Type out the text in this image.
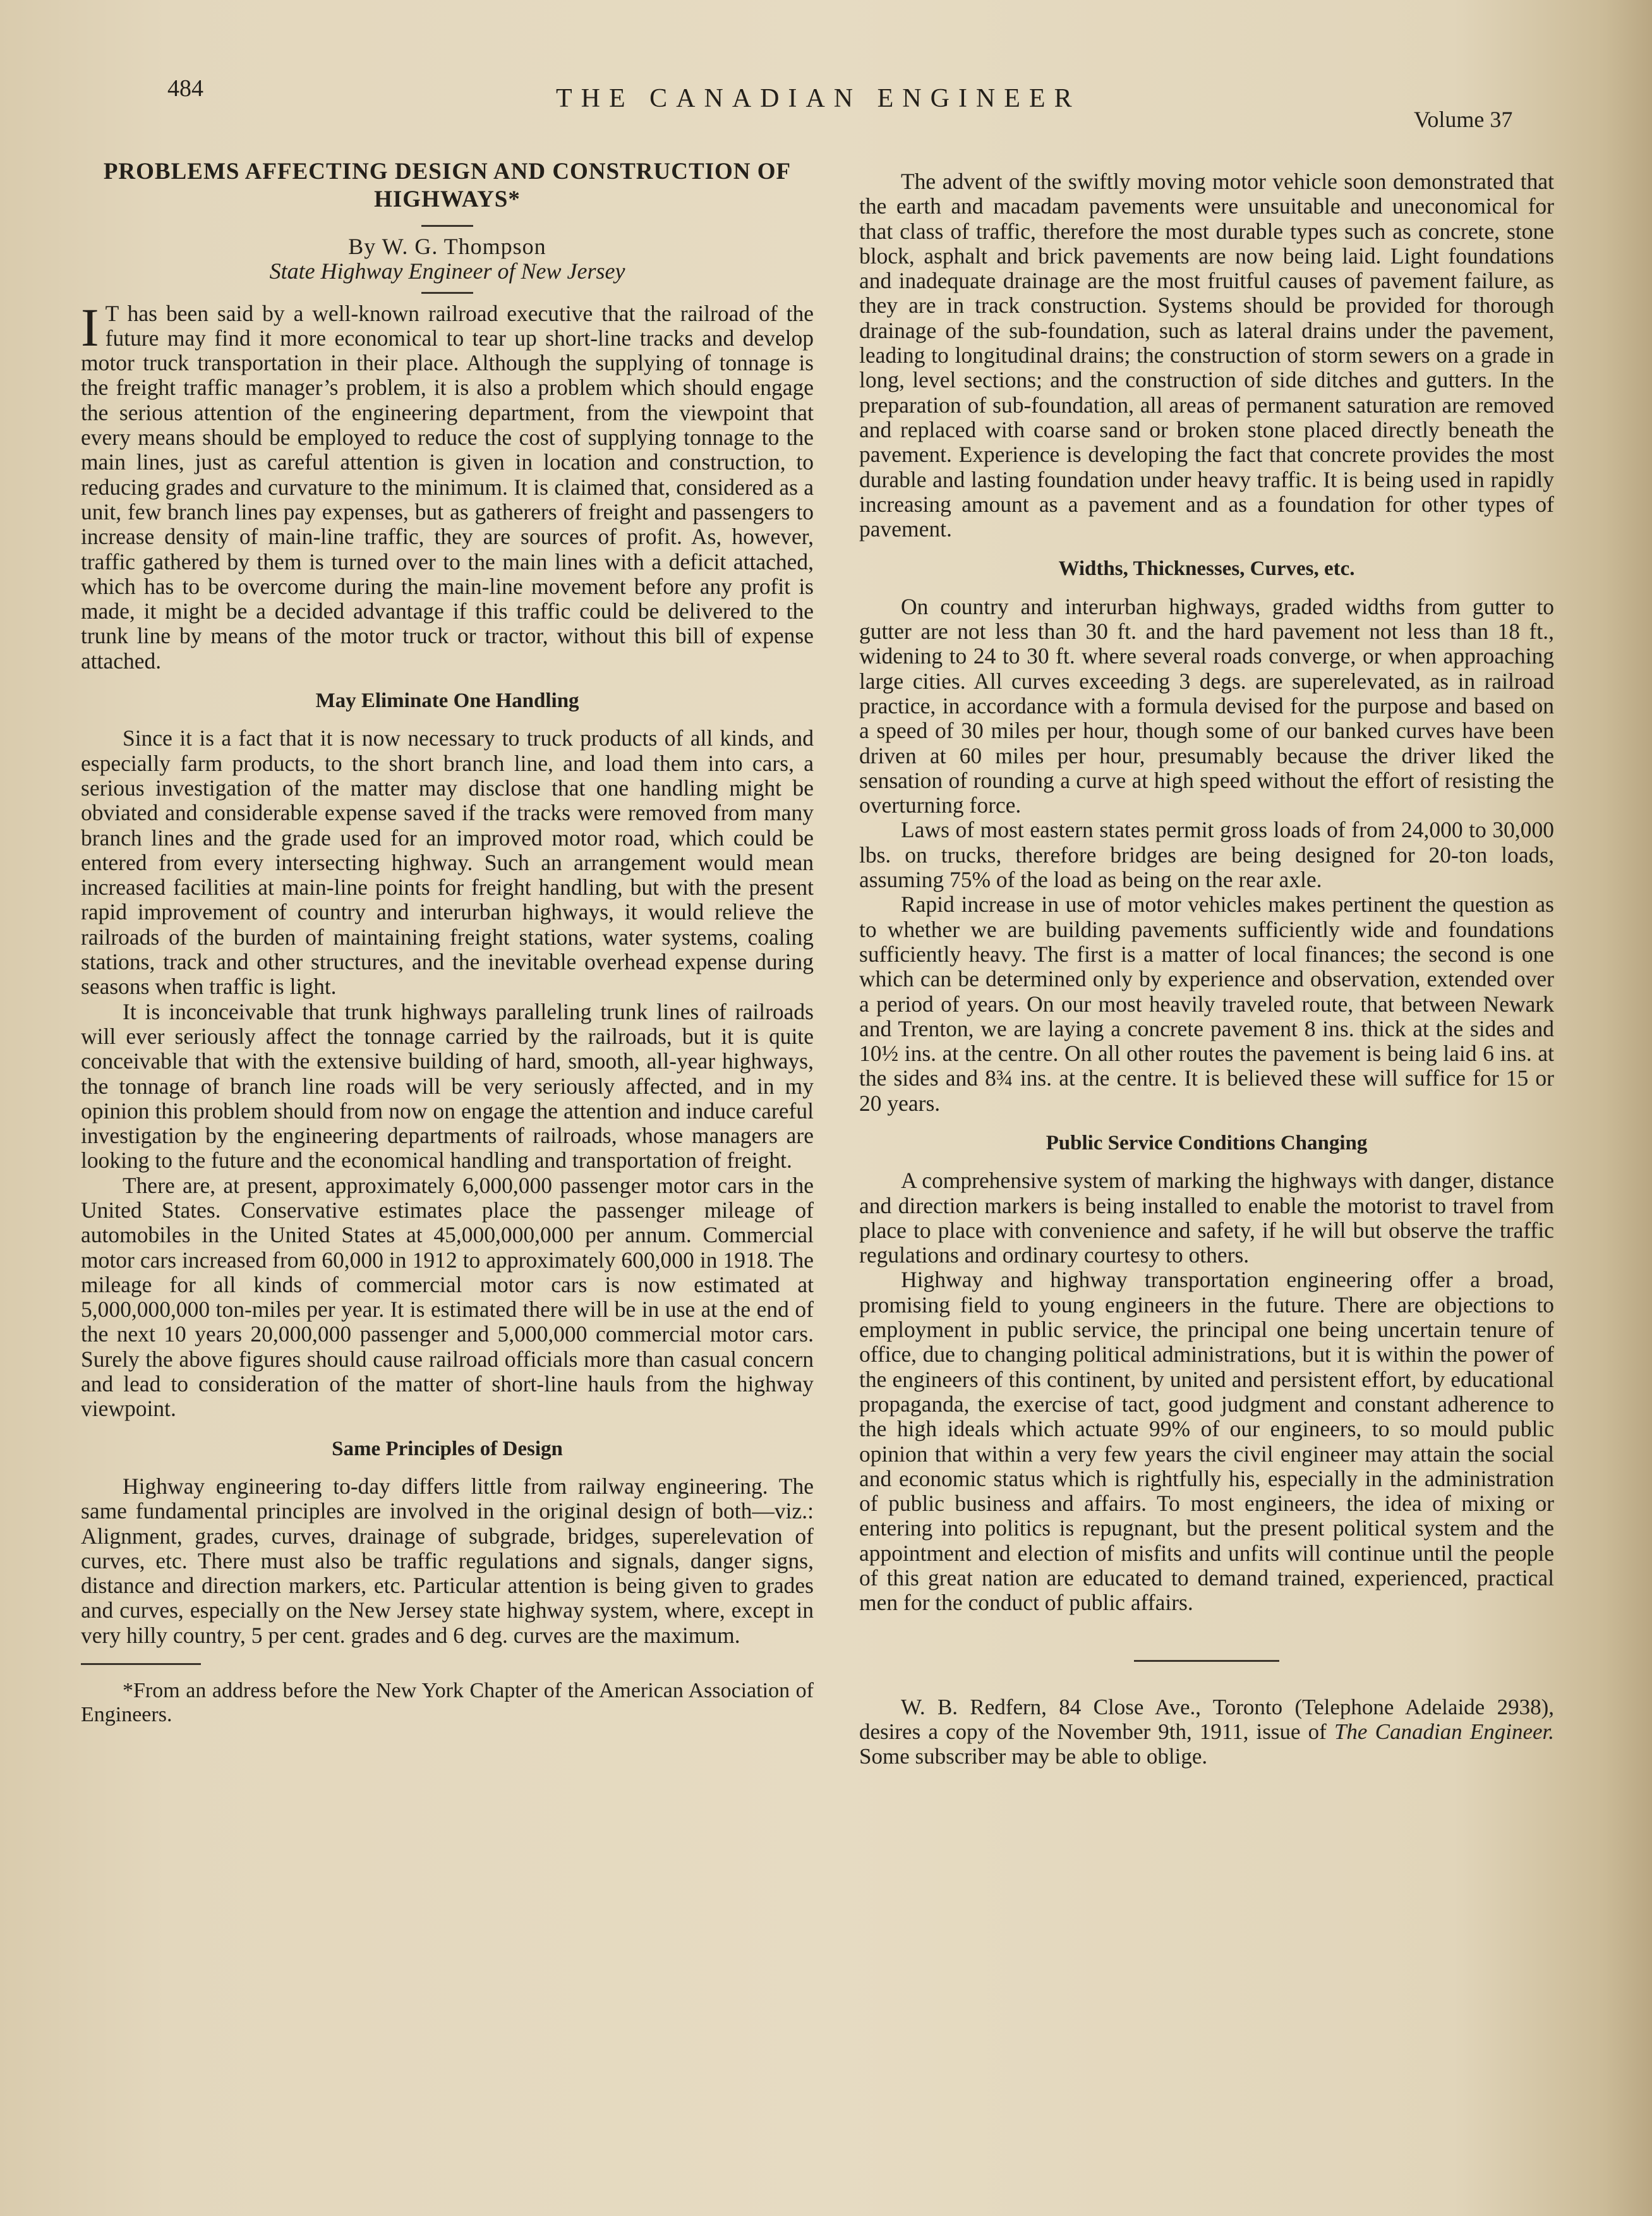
484	THE CANADIAN ENGINEER
Volume 37
PROBLEMS AFFECTING DESIGN AND CONSTRUCTION OF HIGHWAYS*
By W. G. Thompson
State Highway Engineer of New Jersey

I T has been said by a well-known railroad executive that the railroad of the future may find it more economical to tear up short-line tracks and develop motor truck transportation in their place. Although the supplying of tonnage is the freight traffic manager’s problem, it is also a problem which should engage the serious attention of the engineering department, from the viewpoint that every means should be employed to reduce the cost of supplying tonnage to the main lines, just as careful attention is given in location and construction, to reducing grades and curvature to the minimum. It is claimed that, considered as a unit, few branch lines pay expenses, but as gatherers of freight and passengers to increase density of main-line traffic, they are sources of profit. As, however, traffic gathered by them is turned over to the main lines with a deficit attached, which has to be overcome during the main-line movement before any profit is made, it might be a decided advantage if this traffic could be delivered to the trunk line by means of the motor truck or tractor, without this bill of expense attached.

May Eliminate One Handling

Since it is a fact that it is now necessary to truck products of all kinds, and especially farm products, to the short branch line, and load them into cars, a serious investigation of the matter may disclose that one handling might be obviated and considerable expense saved if the tracks were removed from many branch lines and the grade used for an improved motor road, which could be entered from every intersecting highway. Such an arrangement would mean increased facilities at main-line points for freight handling, but with the present rapid improvement of country and interurban highways, it would relieve the railroads of the burden of maintaining freight stations, water systems, coaling stations, track and other structures, and the inevitable overhead expense during seasons when traffic is light.

It is inconceivable that trunk highways paralleling trunk lines of railroads will ever seriously affect the tonnage carried by the railroads, but it is quite conceivable that with the extensive building of hard, smooth, all-year highways, the tonnage of branch line roads will be very seriously affected, and in my opinion this problem should from now on engage the attention and induce careful investigation by the engineering departments of railroads, whose managers are looking to the future and the economical handling and transportation of freight.

There are, at present, approximately 6,000,000 passenger motor cars in the United States. Conservative estimates place the passenger mileage of automobiles in the United States at 45,000,000,000 per annum. Commercial motor cars increased from 60,000 in 1912 to approximately 600,000 in 1918. The mileage for all kinds of commercial motor cars is now estimated at 5,000,000,000 ton-miles per year. It is estimated there will be in use at the end of the next 10 years 20,000,000 passenger and 5,000,000 commercial motor cars. Surely the above figures should cause railroad officials more than casual concern and lead to consideration of the matter of short-line hauls from the highway viewpoint.

Same Principles of Design

Highway engineering to-day differs little from railway engineering. The same fundamental principles are involved in the original design of both—viz.: Alignment, grades, curves, drainage of subgrade, bridges, superelevation of curves, etc. There must also be traffic regulations and signals, danger signs, distance and direction markers, etc. Particular attention is being given to grades and curves, especially on the New Jersey state highway system, where, except in very hilly country, 5 per cent. grades and 6 deg. curves are the maximum.

*From an address before the New York Chapter of the American Association of Engineers.

The advent of the swiftly moving motor vehicle soon demonstrated that the earth and macadam pavements were unsuitable and uneconomical for that class of traffic, therefore the most durable types such as concrete, stone block, asphalt and brick pavements are now being laid. Light foundations and inadequate drainage are the most fruitful causes of pavement failure, as they are in track construction. Systems should be provided for thorough drainage of the sub-foundation, such as lateral drains under the pavement, leading to longitudinal drains; the construction of storm sewers on a grade in long, level sections; and the construction of side ditches and gutters. In the preparation of sub-foundation, all areas of permanent saturation are removed and replaced with coarse sand or broken stone placed directly beneath the pavement. Experience is developing the fact that concrete provides the most durable and lasting foundation under heavy traffic. It is being used in rapidly increasing amount as a pavement and as a foundation for other types of pavement.

Widths, Thicknesses, Curves, etc.

On country and interurban highways, graded widths from gutter to gutter are not less than 30 ft. and the hard pavement not less than 18 ft., widening to 24 to 30 ft. where several roads converge, or when approaching large cities. All curves exceeding 3 degs. are superelevated, as in railroad practice, in accordance with a formula devised for the purpose and based on a speed of 30 miles per hour, though some of our banked curves have been driven at 60 miles per hour, presumably because the driver liked the sensation of rounding a curve at high speed without the effort of resisting the overturning force.

Laws of most eastern states permit gross loads of from 24,000 to 30,000 lbs. on trucks, therefore bridges are being designed for 20-ton loads, assuming 75% of the load as being on the rear axle.

Rapid increase in use of motor vehicles makes pertinent the question as to whether we are building pavements sufficiently wide and foundations sufficiently heavy. The first is a matter of local finances; the second is one which can be determined only by experience and observation, extended over a period of years. On our most heavily traveled route, that between Newark and Trenton, we are laying a concrete pavement 8 ins. thick at the sides and 10½ ins. at the centre. On all other routes the pavement is being laid 6 ins. at the sides and 8¾ ins. at the centre. It is believed these will suffice for 15 or 20 years.

Public Service Conditions Changing

A comprehensive system of marking the highways with danger, distance and direction markers is being installed to enable the motorist to travel from place to place with convenience and safety, if he will but observe the traffic regulations and ordinary courtesy to others.

Highway and highway transportation engineering offer a broad, promising field to young engineers in the future. There are objections to employment in public service, the principal one being uncertain tenure of office, due to changing political administrations, but it is within the power of the engineers of this continent, by united and persistent effort, by educational propaganda, the exercise of tact, good judgment and constant adherence to the high ideals which actuate 99% of our engineers, to so mould public opinion that within a very few years the civil engineer may attain the social and economic status which is rightfully his, especially in the administration of public business and affairs. To most engineers, the idea of mixing or entering into politics is repugnant, but the present political system and the appointment and election of misfits and unfits will continue until the people of this great nation are educated to demand trained, experienced, practical men for the conduct of public affairs.

W. B. Redfern, 84 Close Ave., Toronto (Telephone Adelaide 2938), desires a copy of the November 9th, 1911, issue of The Canadian Engineer. Some subscriber may be able to oblige.
